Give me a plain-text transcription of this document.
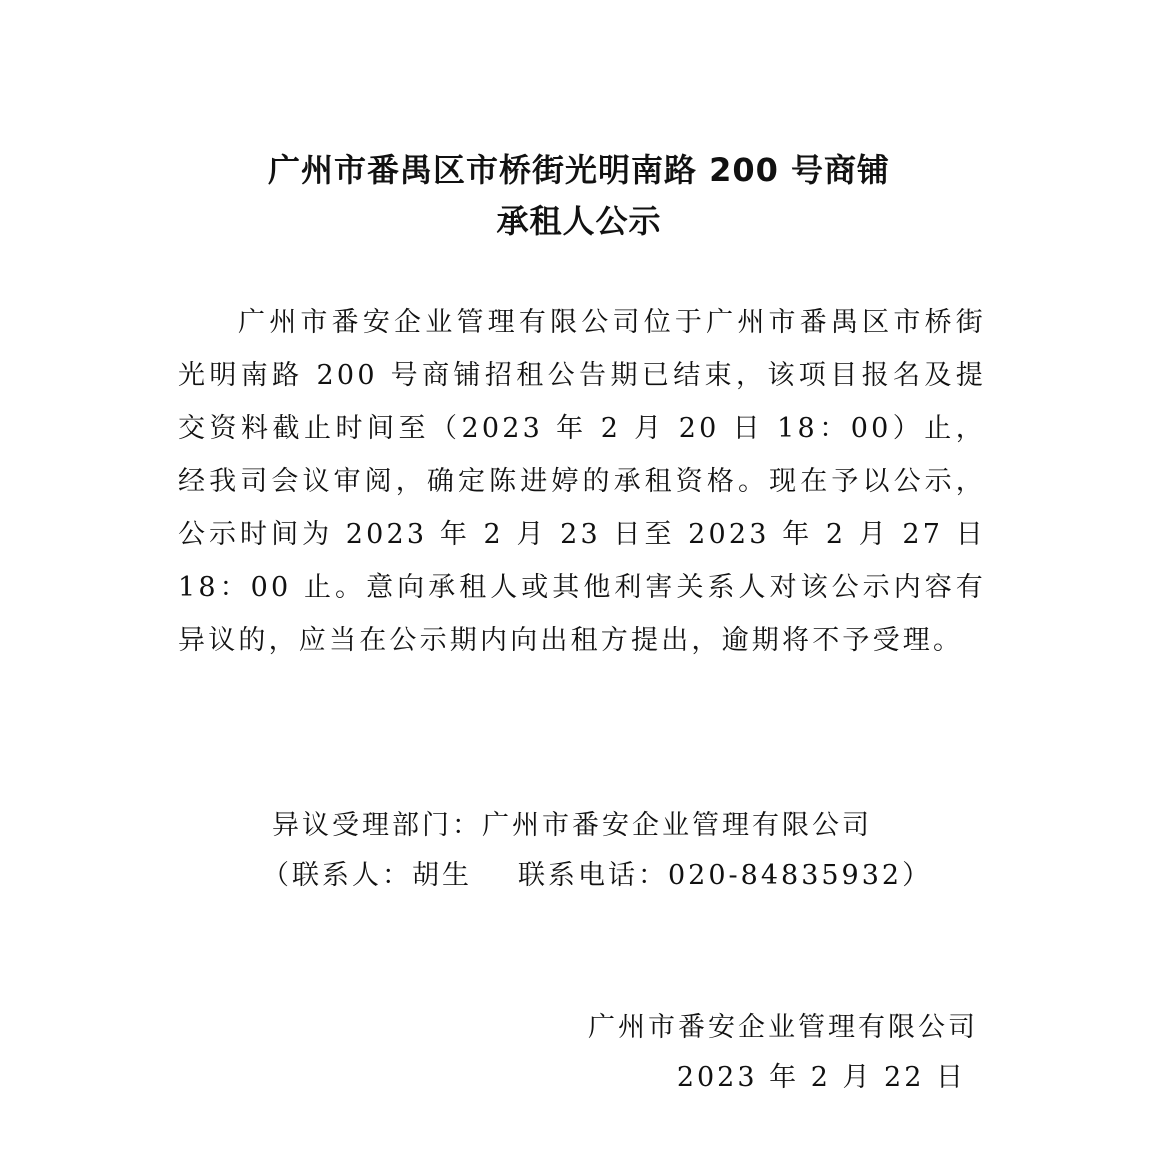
广州市番禺区市桥街光明南路 200 号商铺
承租人公示

广州市番安企业管理有限公司位于广州市番禺区市桥街光明南路 200 号商铺招租公告期已结束，该项目报名及提交资料截止时间至（2023 年 2 月 20 日 18：00）止，经我司会议审阅，确定陈进婷的承租资格。现在予以公示，公示时间为 2023 年 2 月 23 日至 2023 年 2 月 27 日 18：00 止。意向承租人或其他利害关系人对该公示内容有异议的，应当在公示期内向出租方提出，逾期将不予受理。

异议受理部门：广州市番安企业管理有限公司
（联系人：胡生 联系电话：020-84835932）
广州市番安企业管理有限公司
2023 年 2 月 22 日
